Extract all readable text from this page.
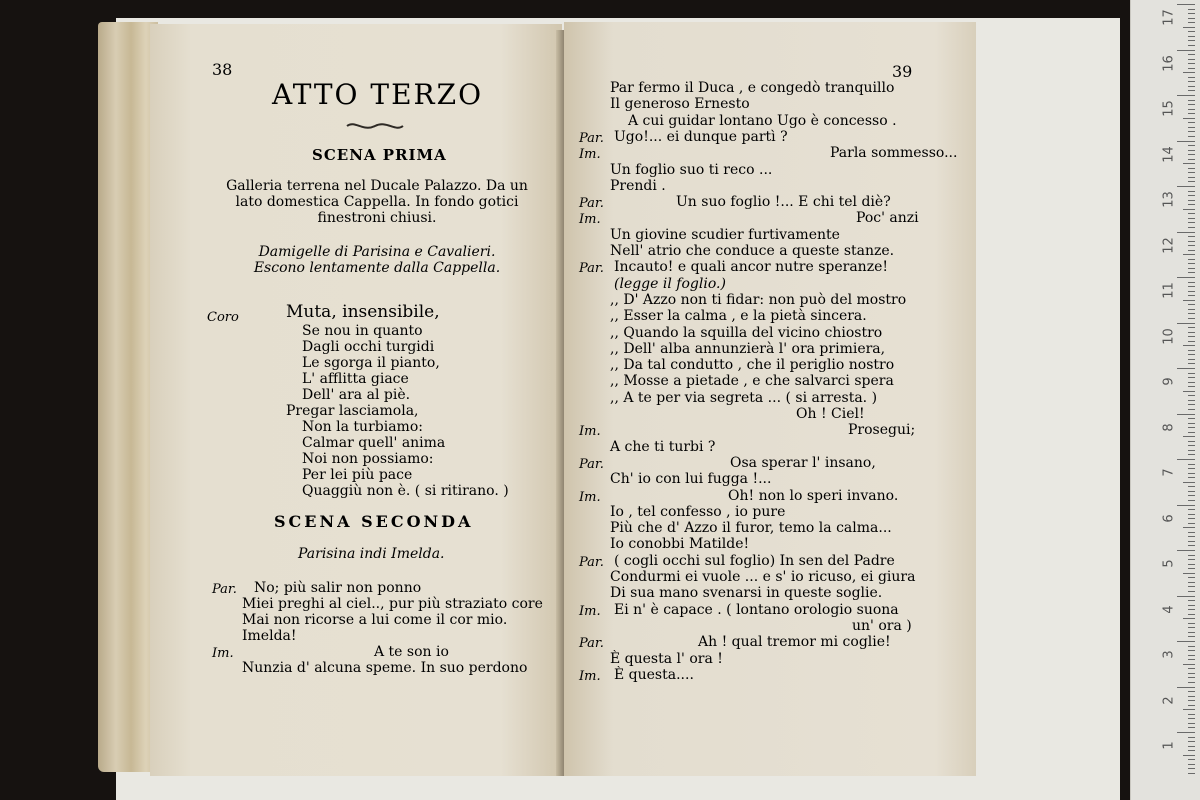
17
16
15
14
13
12
11
10
9
8
7
6
5
4
3
2
1
38
ATTO TERZO
SCENA PRIMA
Galleria terrena nel Ducale Palazzo. Da un
lato domestica Cappella. In fondo gotici
finestroni chiusi.
Damigelle di Parisina e Cavalieri.
Escono lentamente dalla Cappella.
Coro	Muta, insensibile,
Se nou in quanto
Dagli occhi turgidi
Le sgorga il pianto,
L' afflitta giace
Dell' ara al piè.
Pregar lasciamola,
Non la turbiamo:
Calmar quell' anima
Noi non possiamo:
Per lei più pace
Quaggiù non è. ( si ritirano. )
SCENA SECONDA
Parisina indi Imelda.
Par. No; più salir non ponno
Miei preghi al ciel.., pur più straziato core
Mai non ricorse a lui come il cor mio.
Imelda!
Im.	A te son io
Nunzia d' alcuna speme. In suo perdono
39
Par fermo il Duca , e congedò tranquillo
Il generoso Ernesto
A cui guidar lontano Ugo è concesso .
Par. Ugo!... ei dunque partì ?
Im.	Parla sommesso...
Un foglio suo ti reco ...
Prendi .
Par.	Un suo foglio !... E chi tel diè?
Im.	Poc' anzi
Un giovine scudier furtivamente
Nell' atrio che conduce a queste stanze.
Par. Incauto! e quali ancor nutre speranze!
(legge il foglio.)
,, D' Azzo non ti fidar: non può del mostro
,, Esser la calma , e la pietà sincera.
,, Quando la squilla del vicino chiostro
,, Dell' alba annunzierà l' ora primiera,
,, Da tal condutto , che il periglio nostro
,, Mosse a pietade , e che salvarci spera
,, A te per via segreta ... ( si arresta. )
Oh ! Ciel!
Im.	Prosegui;
A che ti turbi ?
Par.	Osa sperar l' insano,
Ch' io con lui fugga !...
Im.	Oh! non lo speri invano.
Io , tel confesso , io pure
Più che d' Azzo il furor, temo la calma...
Io conobbi Matilde!
Par. ( cogli occhi sul foglio) In sen del Padre
Condurmi ei vuole ... e s' io ricuso, ei giura
Di sua mano svenarsi in queste soglie.
Im. Ei n' è capace . ( lontano orologio suona
un' ora )
Par.	Ah ! qual tremor mi coglie!
È questa l' ora !
Im. È questa....
